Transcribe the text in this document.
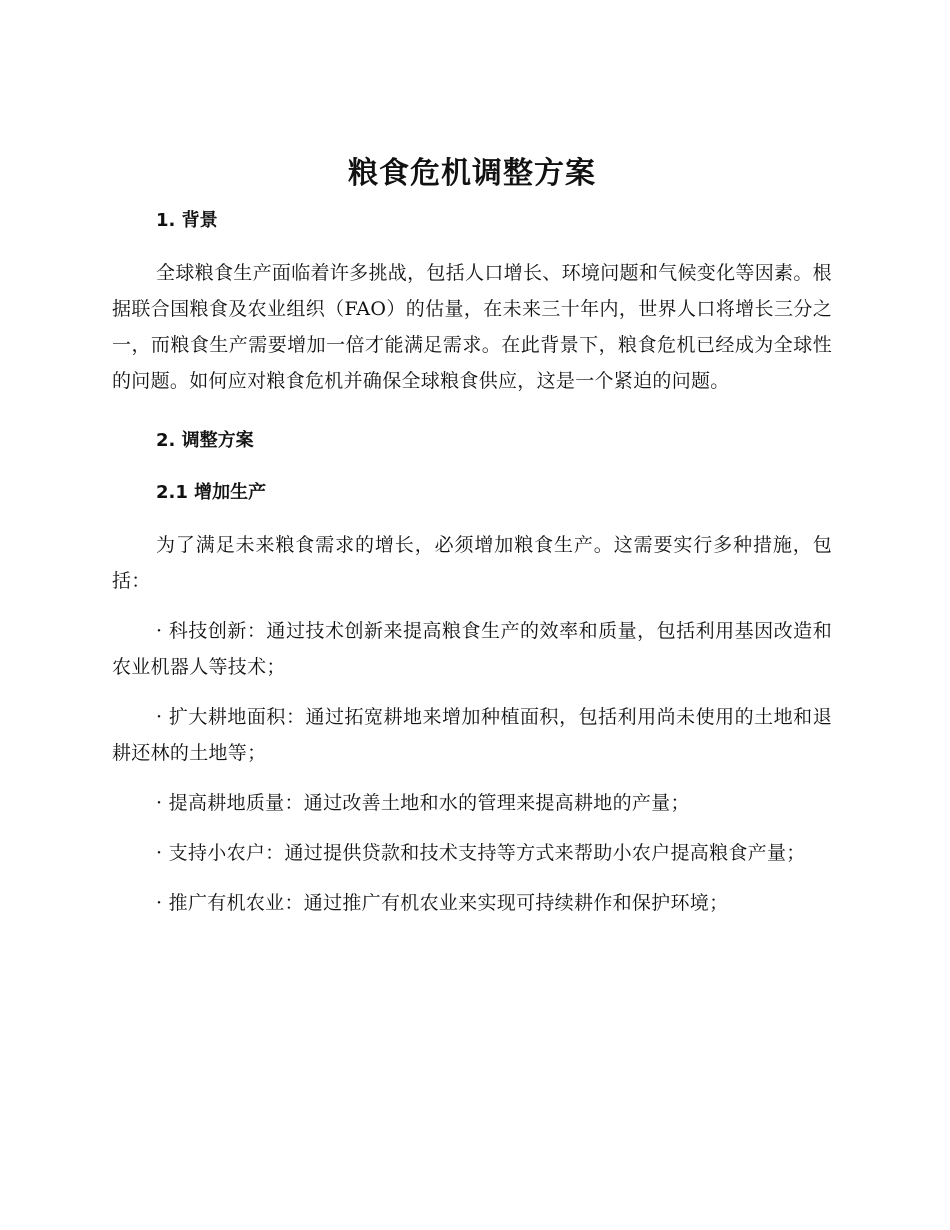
粮食危机调整方案
1. 背景

全球粮食生产面临着许多挑战，包括人口增长、环境问题和气候变化等因素。根据联合国粮食及农业组织（FAO）的估量，在未来三十年内，世界人口将增长三分之一，而粮食生产需要增加一倍才能满足需求。在此背景下，粮食危机已经成为全球性的问题。如何应对粮食危机并确保全球粮食供应，这是一个紧迫的问题。

2. 调整方案
2.1 增加生产

为了满足未来粮食需求的增长，必须增加粮食生产。这需要实行多种措施，包括：

· 科技创新：通过技术创新来提高粮食生产的效率和质量，包括利用基因改造和农业机器人等技术；

· 扩大耕地面积：通过拓宽耕地来增加种植面积，包括利用尚未使用的土地和退耕还林的土地等；

· 提高耕地质量：通过改善土地和水的管理来提高耕地的产量；

· 支持小农户：通过提供贷款和技术支持等方式来帮助小农户提高粮食产量；

· 推广有机农业：通过推广有机农业来实现可持续耕作和保护环境；
